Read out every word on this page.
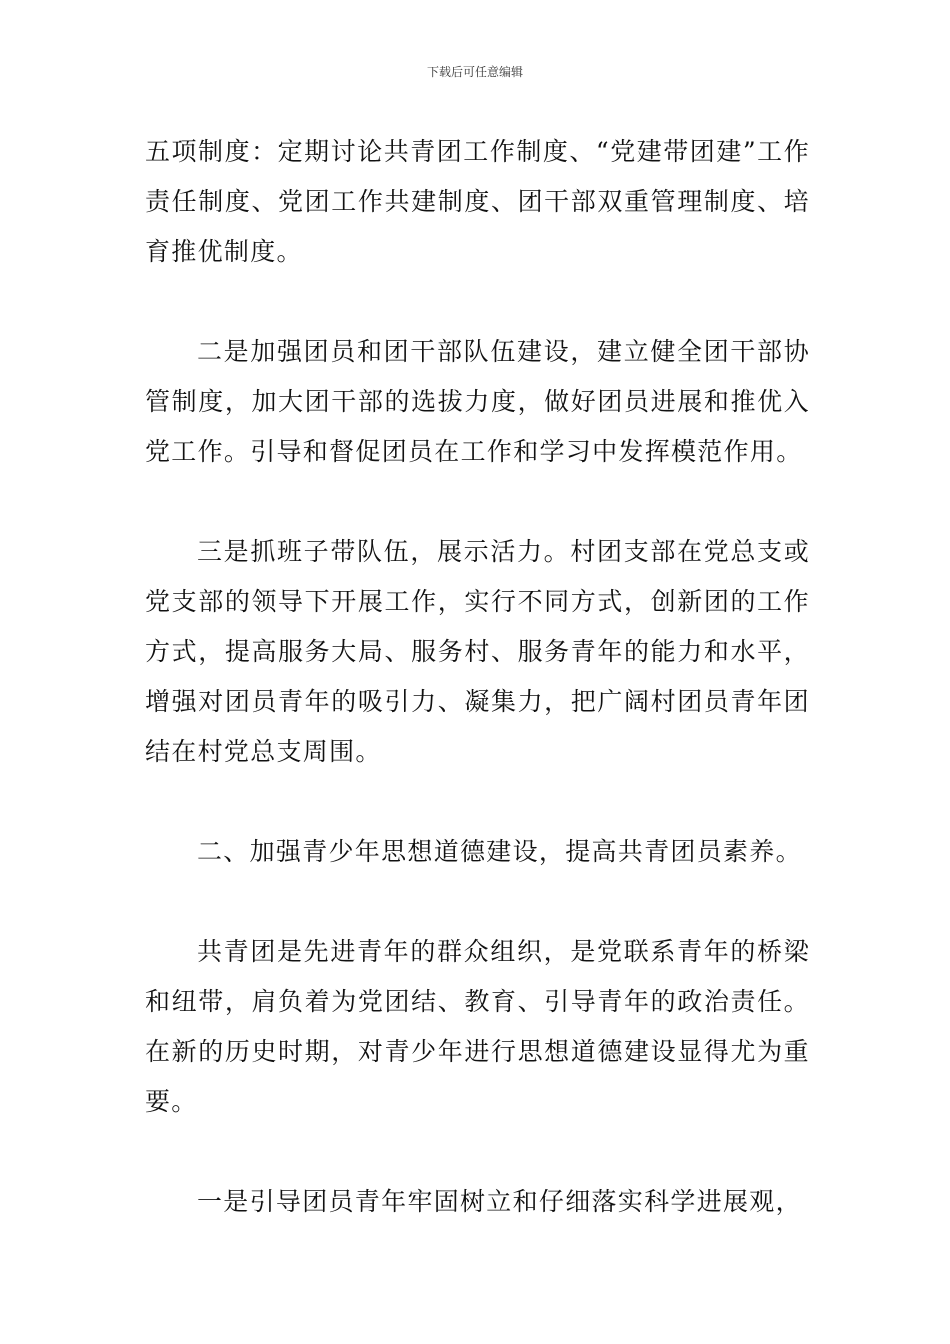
下载后可任意编辑

五项制度：定期讨论共青团工作制度、“党建带团建”工作责任制度、党团工作共建制度、团干部双重管理制度、培育推优制度。

二是加强团员和团干部队伍建设，建立健全团干部协管制度，加大团干部的选拔力度，做好团员进展和推优入党工作。引导和督促团员在工作和学习中发挥模范作用。

三是抓班子带队伍，展示活力。村团支部在党总支或党支部的领导下开展工作，实行不同方式，创新团的工作方式，提高服务大局、服务村、服务青年的能力和水平，增强对团员青年的吸引力、凝集力，把广阔村团员青年团结在村党总支周围。

二、加强青少年思想道德建设，提高共青团员素养。

共青团是先进青年的群众组织，是党联系青年的桥梁和纽带，肩负着为党团结、教育、引导青年的政治责任。在新的历史时期，对青少年进行思想道德建设显得尤为重要。

一是引导团员青年牢固树立和仔细落实科学进展观，
